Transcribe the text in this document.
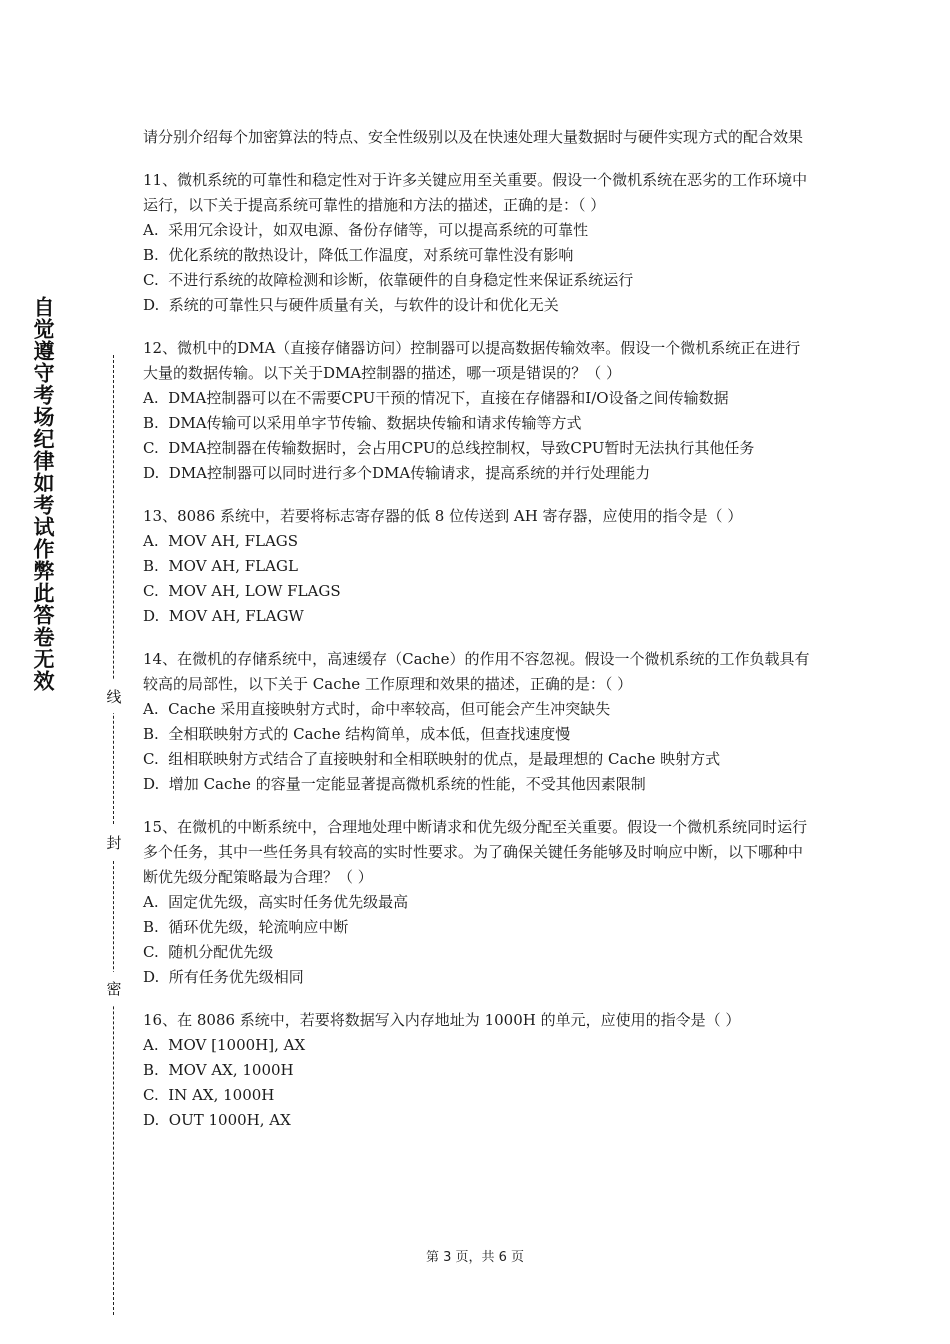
自觉遵守考场纪律如考试作弊此答卷无效
线
封
密
请分别介绍每个加密算法的特点、安全性级别以及在快速处理大量数据时与硬件实现方式的配合效果
11、微机系统的可靠性和稳定性对于许多关键应用至关重要。假设一个微机系统在恶劣的工作环境中运行，以下关于提高系统可靠性的措施和方法的描述，正确的是：（ ）
A.  采用冗余设计，如双电源、备份存储等，可以提高系统的可靠性
B.  优化系统的散热设计，降低工作温度，对系统可靠性没有影响
C.  不进行系统的故障检测和诊断，依靠硬件的自身稳定性来保证系统运行
D.  系统的可靠性只与硬件质量有关，与软件的设计和优化无关
12、微机中的DMA（直接存储器访问）控制器可以提高数据传输效率。假设一个微机系统正在进行大量的数据传输。以下关于DMA控制器的描述，哪一项是错误的？（ ）
A.  DMA控制器可以在不需要CPU干预的情况下，直接在存储器和I/O设备之间传输数据
B.  DMA传输可以采用单字节传输、数据块传输和请求传输等方式
C.  DMA控制器在传输数据时，会占用CPU的总线控制权，导致CPU暂时无法执行其他任务
D.  DMA控制器可以同时进行多个DMA传输请求，提高系统的并行处理能力
13、8086 系统中，若要将标志寄存器的低 8 位传送到 AH 寄存器，应使用的指令是（ ）
A.  MOV AH, FLAGS
B.  MOV AH, FLAGL
C.  MOV AH, LOW FLAGS
D.  MOV AH, FLAGW
14、在微机的存储系统中，高速缓存（Cache）的作用不容忽视。假设一个微机系统的工作负载具有较高的局部性，以下关于 Cache 工作原理和效果的描述，正确的是：（ ）
A.  Cache 采用直接映射方式时，命中率较高，但可能会产生冲突缺失
B.  全相联映射方式的 Cache 结构简单，成本低，但查找速度慢
C.  组相联映射方式结合了直接映射和全相联映射的优点，是最理想的 Cache 映射方式
D.  增加 Cache 的容量一定能显著提高微机系统的性能，不受其他因素限制
15、在微机的中断系统中，合理地处理中断请求和优先级分配至关重要。假设一个微机系统同时运行多个任务，其中一些任务具有较高的实时性要求。为了确保关键任务能够及时响应中断，以下哪种中断优先级分配策略最为合理？（ ）
A.  固定优先级，高实时任务优先级最高
B.  循环优先级，轮流响应中断
C.  随机分配优先级
D.  所有任务优先级相同
16、在 8086 系统中，若要将数据写入内存地址为 1000H 的单元，应使用的指令是（ ）
A.  MOV [1000H], AX
B.  MOV AX, 1000H
C.  IN AX, 1000H
D.  OUT 1000H, AX
第 3 页，共 6 页
